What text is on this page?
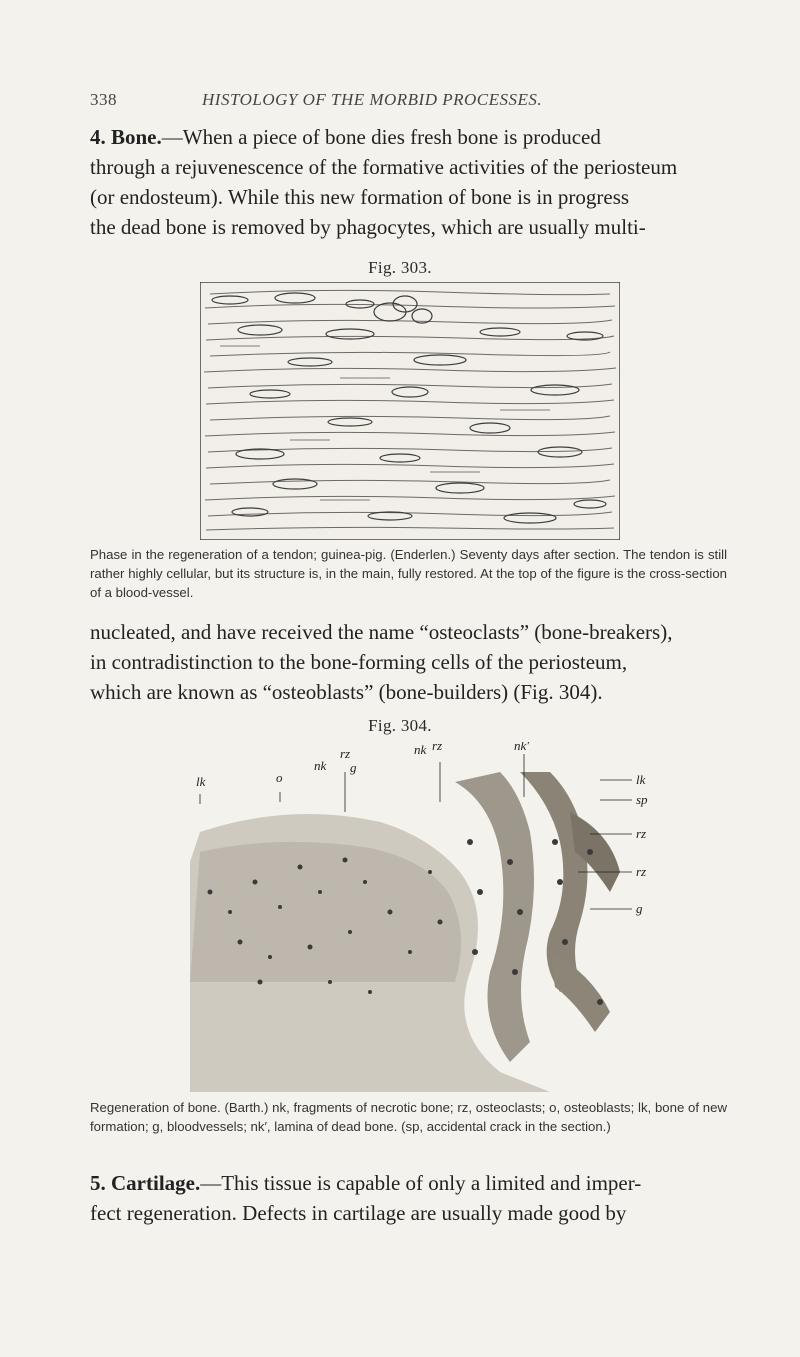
338	HISTOLOGY OF THE MORBID PROCESSES.
4. Bone.—When a piece of bone dies fresh bone is produced
through a rejuvenescence of the formative activities of the periosteum
(or endosteum). While this new formation of bone is in progress
the dead bone is removed by phagocytes, which are usually multi-
Fig. 303.
Phase in the regeneration of a tendon; guinea-pig. (Enderlen.) Seventy days after section. The tendon is still rather highly cellular, but its structure is, in the main, fully restored. At the top of the figure is the cross-section of a blood-vessel.
nucleated, and have received the name “osteoclasts” (bone-breakers),
in contradistinction to the bone-forming cells of the periosteum,
which are known as “osteoblasts” (bone-builders) (Fig. 304).
Fig. 304.
lk	o
nk
rz
g
nk rz	nk′
lk
sp
rz
rz
g
Regeneration of bone. (Barth.) nk, fragments of necrotic bone; rz, osteoclasts; o, osteoblasts; lk, bone of new formation; g, bloodvessels; nk′, lamina of dead bone. (sp, accidental crack in the section.)
5. Cartilage.—This tissue is capable of only a limited and imper-
fect regeneration. Defects in cartilage are usually made good by
